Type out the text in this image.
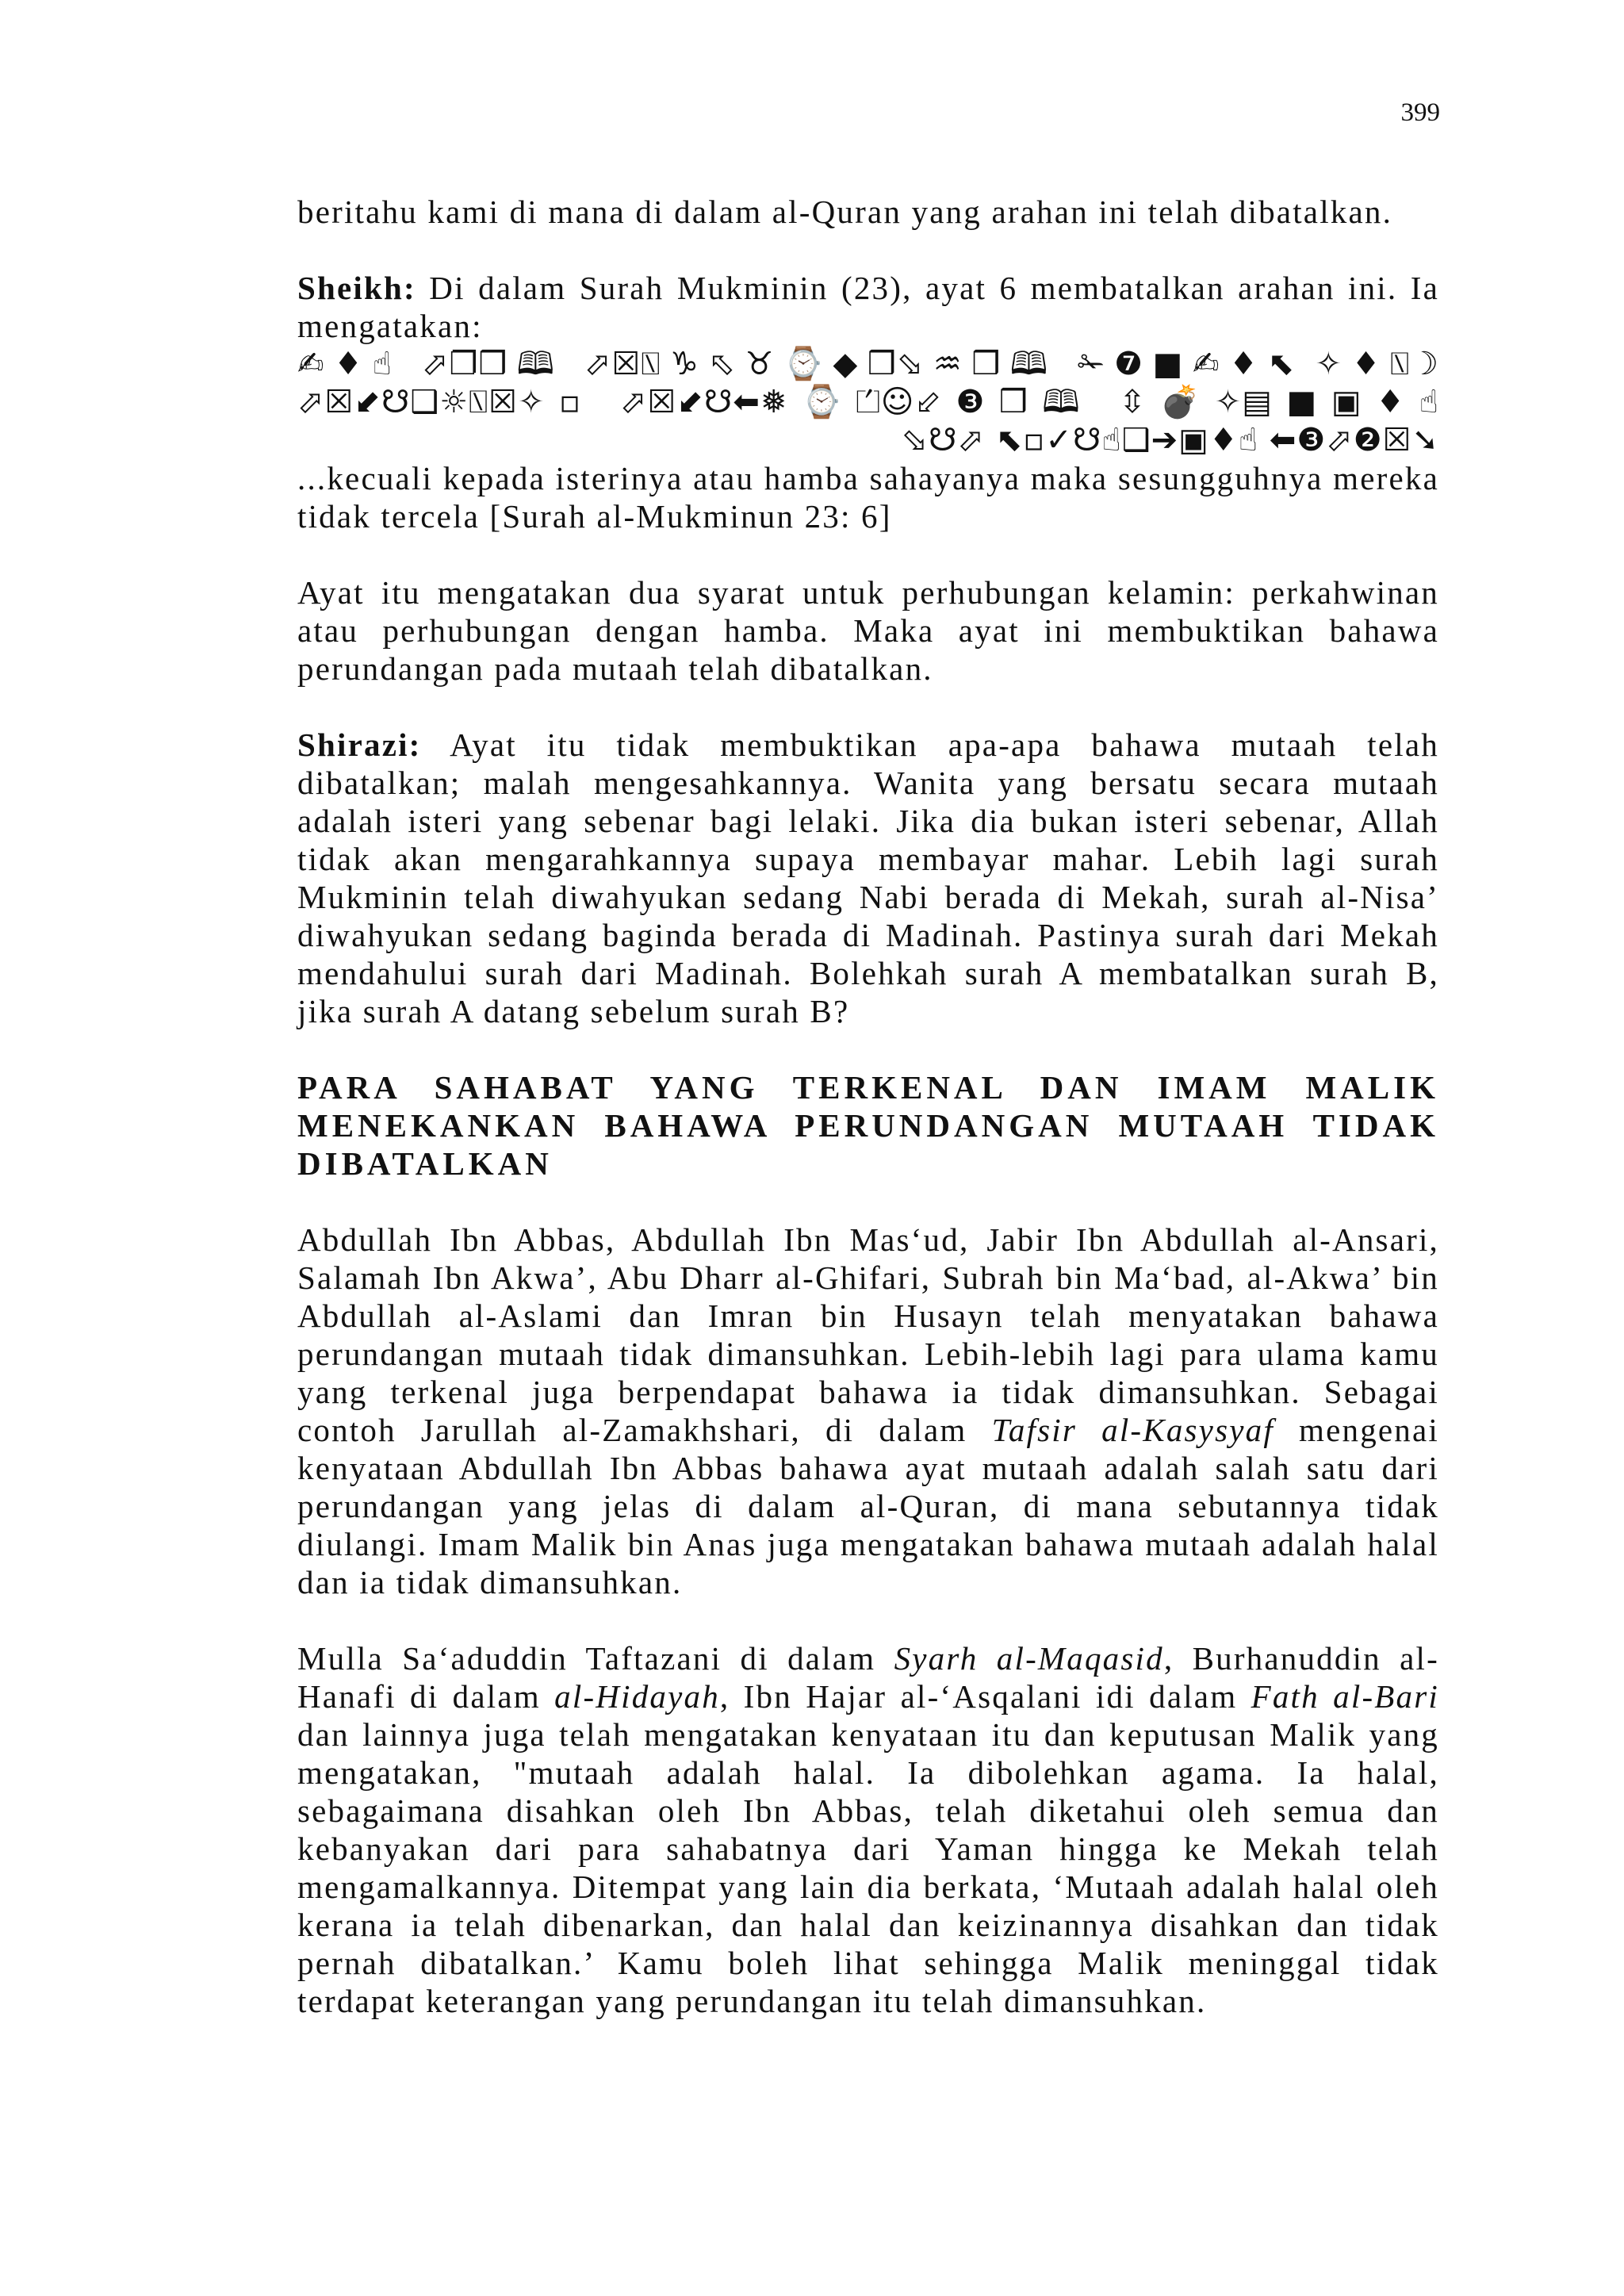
399

beritahu kami di mana di dalam al-Quran yang arahan ini telah dibatalkan.

Sheikh: Di dalam Surah Mukminin (23), ayat 6 membatalkan arahan ini. Ia mengatakan:

✍♦☝ ⬀❐❒🕮 ⬀☒⍂♑⬁♉⌚◆❒⬂♒❒🕮 ✁❼■✍♦⬉ ✧♦⍂☽

⬀☒⬋☋❑☼⍂☒✧▫ ⬀☒⬋☋⬅❅⌚⏍☺⬃❸❒🕮 ⇳💣✧▤■▣♦☝

⬂☋⬀ ⬉▫✓☋☝❑➔▣♦☝ ⬅❸⬀❷☒➘

...kecuali kepada isterinya atau hamba sahayanya maka sesungguhnya mereka tidak tercela [Surah al-Mukminun 23: 6]

Ayat itu mengatakan dua syarat untuk perhubungan kelamin: perkahwinan atau perhubungan dengan hamba. Maka ayat ini membuktikan bahawa perundangan pada mutaah telah dibatalkan.

Shirazi: Ayat itu tidak membuktikan apa-apa bahawa mutaah telah dibatalkan; malah mengesahkannya. Wanita yang bersatu secara mutaah adalah isteri yang sebenar bagi lelaki. Jika dia bukan isteri sebenar, Allah tidak akan mengarahkannya supaya membayar mahar. Lebih lagi surah Mukminin telah diwahyukan sedang Nabi berada di Mekah, surah al-Nisa’ diwahyukan sedang baginda berada di Madinah. Pastinya surah dari Mekah mendahului surah dari Madinah. Bolehkah surah A membatalkan surah B, jika surah A datang sebelum surah B?

PARA SAHABAT YANG TERKENAL DAN IMAM MALIK MENEKANKAN BAHAWA PERUNDANGAN MUTAAH TIDAK DIBATALKAN

Abdullah Ibn Abbas, Abdullah Ibn Mas‘ud, Jabir Ibn Abdullah al-Ansari, Salamah Ibn Akwa’, Abu Dharr al-Ghifari, Subrah bin Ma‘bad, al-Akwa’ bin Abdullah al-Aslami dan Imran bin Husayn telah menyatakan bahawa perundangan mutaah tidak dimansuhkan. Lebih-lebih lagi para ulama kamu yang terkenal juga berpendapat bahawa ia tidak dimansuhkan. Sebagai contoh Jarullah al-Zamakhshari, di dalam Tafsir al-Kasysyaf mengenai kenyataan Abdullah Ibn Abbas bahawa ayat mutaah adalah salah satu dari perundangan yang jelas di dalam al-Quran, di mana sebutannya tidak diulangi. Imam Malik bin Anas juga mengatakan bahawa mutaah adalah halal dan ia tidak dimansuhkan.

Mulla Sa‘aduddin Taftazani di dalam Syarh al-Maqasid, Burhanuddin al-Hanafi di dalam al-Hidayah, Ibn Hajar al-‘Asqalani idi dalam Fath al-Bari dan lainnya juga telah mengatakan kenyataan itu dan keputusan Malik yang mengatakan, "mutaah adalah halal. Ia dibolehkan agama. Ia halal, sebagaimana disahkan oleh Ibn Abbas, telah diketahui oleh semua dan kebanyakan dari para sahabatnya dari Yaman hingga ke Mekah telah mengamalkannya. Ditempat yang lain dia berkata, ‘Mutaah adalah halal oleh kerana ia telah dibenarkan, dan halal dan keizinannya disahkan dan tidak pernah dibatalkan.’ Kamu boleh lihat sehingga Malik meninggal tidak terdapat keterangan yang perundangan itu telah dimansuhkan.
